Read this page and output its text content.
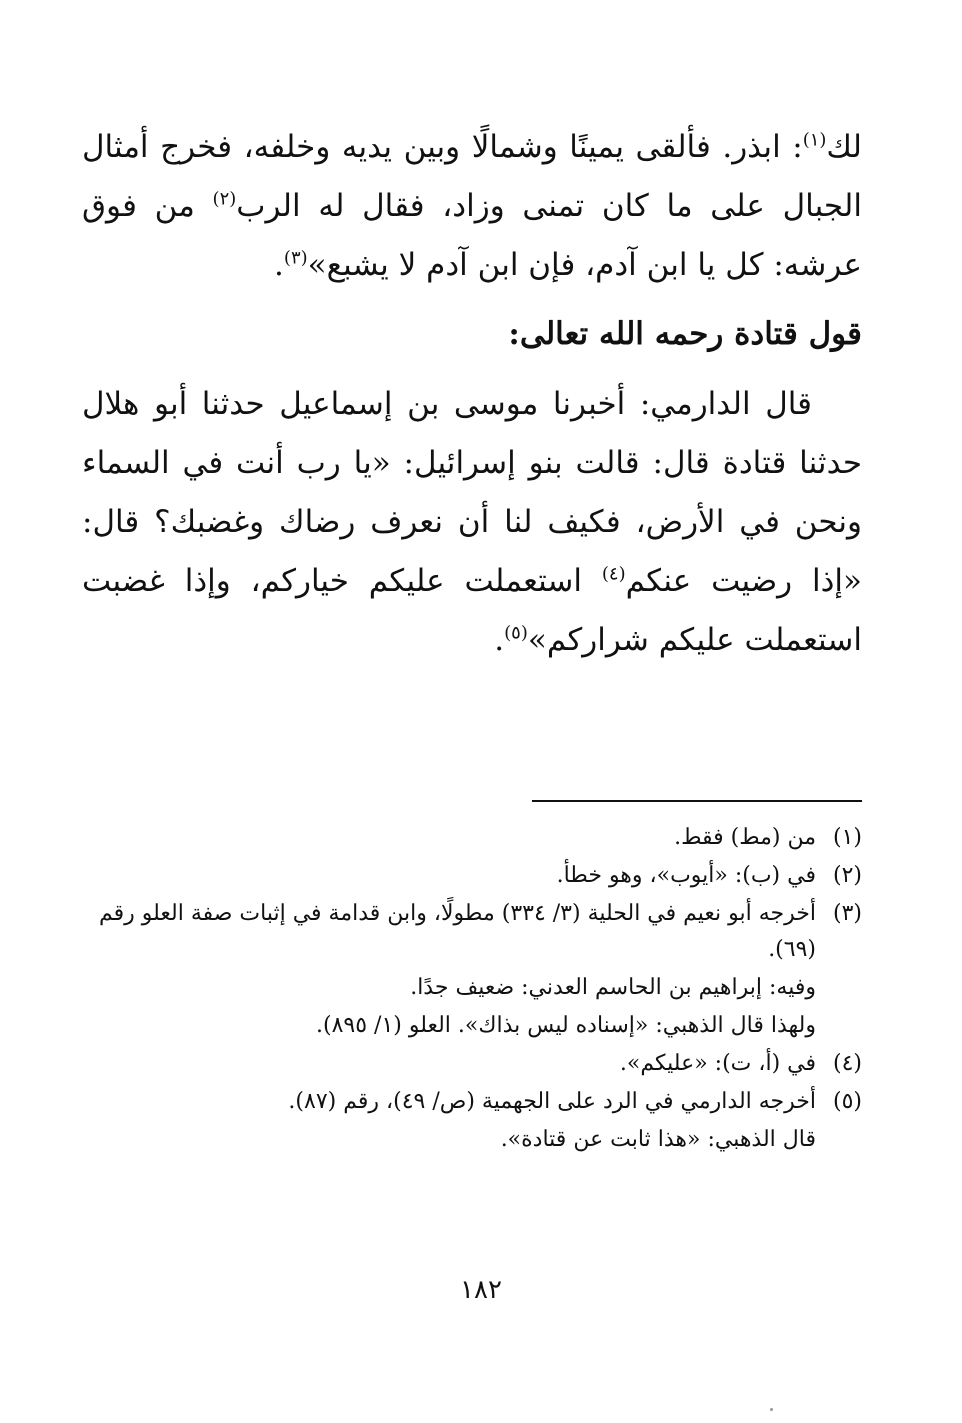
لك$^{(١)}$: ابذر. فألقى يمينًا وشمالًا وبين يديه وخلفه، فخرج أمثال الجبال على ما كان تمنى وزاد، فقال له الرب$^{(٢)}$ من فوق عرشه: كل يا ابن آدم، فإن ابن آدم لا يشبع»$^{(٣)}$.

قول قتادة رحمه الله تعالى:

قال الدارمي: أخبرنا موسى بن إسماعيل حدثنا أبو هلال حدثنا قتادة قال: قالت بنو إسرائيل: «يا رب أنت في السماء ونحن في الأرض، فكيف لنا أن نعرف رضاك وغضبك؟ قال: «إذا رضيت عنكم$^{(٤)}$ استعملت عليكم خياركم، وإذا غضبت استعملت عليكم شراركم»$^{(٥)}$.

(١)
من (مط) فقط.
(٢)
في (ب): «أيوب»، وهو خطأ.
(٣)
أخرجه أبو نعيم في الحلية (٣/ ٣٣٤) مطولًا، وابن قدامة في إثبات صفة العلو رقم (٦٩).
وفيه: إبراهيم بن الحاسم العدني: ضعيف جدًا.
ولهذا قال الذهبي: «إسناده ليس بذاك». العلو (١/ ٨٩٥).
(٤)
في (أ، ت): «عليكم».
(٥)
أخرجه الدارمي في الرد على الجهمية (ص/ ٤٩)، رقم (٨٧).
قال الذهبي: «هذا ثابت عن قتادة».
١٨٢
